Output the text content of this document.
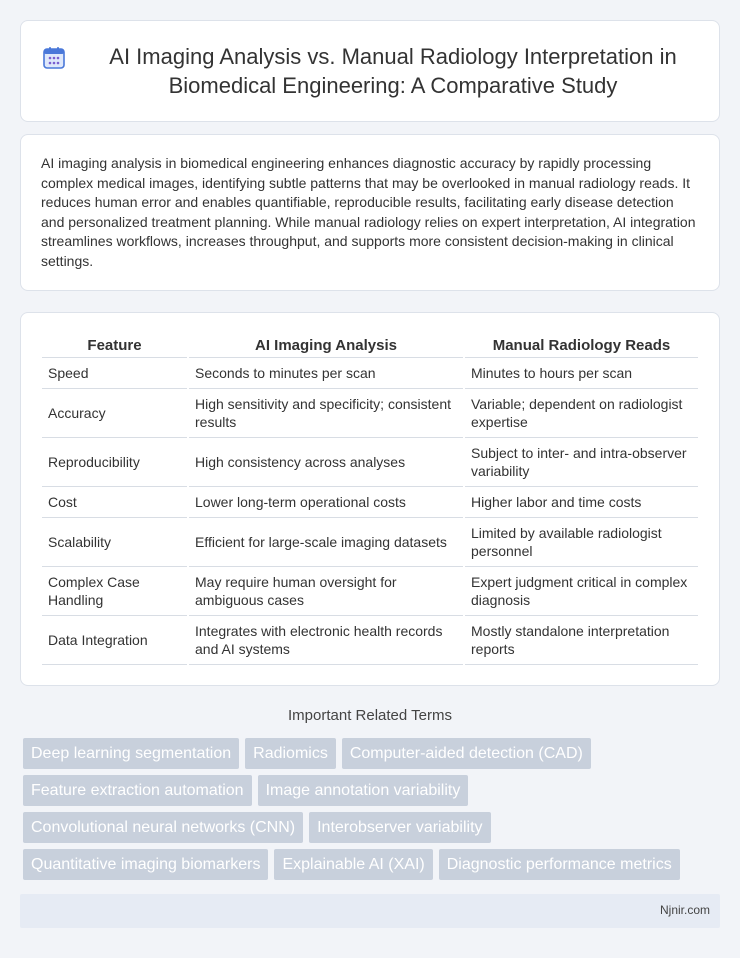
AI Imaging Analysis vs. Manual Radiology Interpretation in Biomedical Engineering: A Comparative Study

AI imaging analysis in biomedical engineering enhances diagnostic accuracy by rapidly processing complex medical images, identifying subtle patterns that may be overlooked in manual radiology reads. It reduces human error and enables quantifiable, reproducible results, facilitating early disease detection and personalized treatment planning. While manual radiology relies on expert interpretation, AI integration streamlines workflows, increases throughput, and supports more consistent decision-making in clinical settings.

Feature	AI Imaging Analysis	Manual Radiology Reads
Speed	Seconds to minutes per scan	Minutes to hours per scan
Accuracy	High sensitivity and specificity; consistent results	Variable; dependent on radiologist expertise
Reproducibility	High consistency across analyses	Subject to inter- and intra-observer variability
Cost	Lower long-term operational costs	Higher labor and time costs
Scalability	Efficient for large-scale imaging datasets	Limited by available radiologist personnel
Complex Case Handling	May require human oversight for ambiguous cases	Expert judgment critical in complex diagnosis
Data Integration	Integrates with electronic health records and AI systems	Mostly standalone interpretation reports
Important Related Terms
Deep learning segmentation	Radiomics	Computer-aided detection (CAD)
Feature extraction automation	Image annotation variability
Convolutional neural networks (CNN)	Interobserver variability
Quantitative imaging biomarkers	Explainable AI (XAI)	Diagnostic performance metrics
Njnir.com
